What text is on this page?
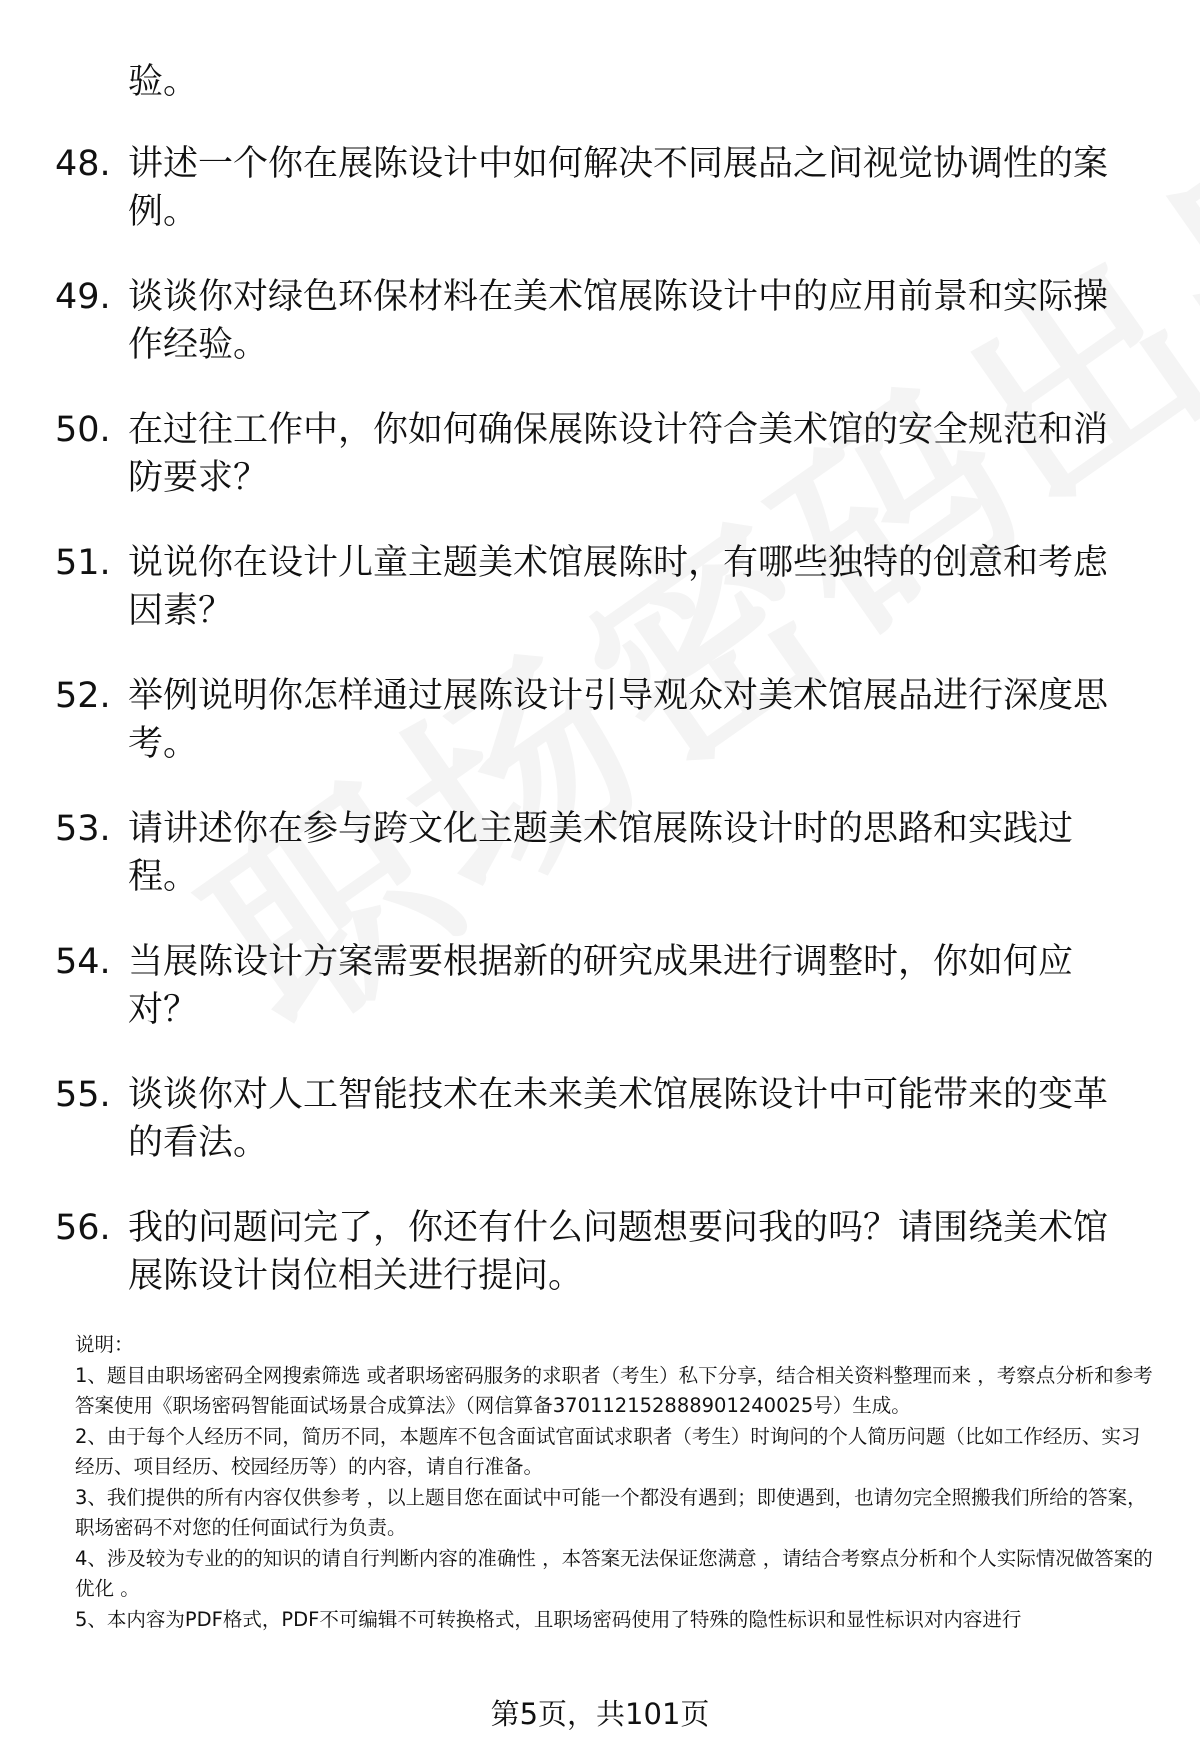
验。
48. 讲述一个你在展陈设计中如何解决不同展品之间视觉协调性的案例。
49. 谈谈你对绿色环保材料在美术馆展陈设计中的应用前景和实际操作经验。
50. 在过往工作中，你如何确保展陈设计符合美术馆的安全规范和消防要求？
51. 说说你在设计儿童主题美术馆展陈时，有哪些独特的创意和考虑因素？
52. 举例说明你怎样通过展陈设计引导观众对美术馆展品进行深度思考。
53. 请讲述你在参与跨文化主题美术馆展陈设计时的思路和实践过程。
54. 当展陈设计方案需要根据新的研究成果进行调整时，你如何应对？
55. 谈谈你对人工智能技术在未来美术馆展陈设计中可能带来的变革的看法。
56. 我的问题问完了，你还有什么问题想要问我的吗？请围绕美术馆展陈设计岗位相关进行提问。

说明：

1、题目由职场密码全网搜索筛选 或者职场密码服务的求职者（考生）私下分享，结合相关资料整理而来 ，考察点分析和参考答案使用《职场密码智能面试场景合成算法》（网信算备370112152888901240025号）生成。

2、由于每个人经历不同，简历不同，本题库不包含面试官面试求职者（考生）时询问的个人简历问题（比如工作经历、实习经历、项目经历、校园经历等）的内容，请自行准备。

3、我们提供的所有内容仅供参考 ，以上题目您在面试中可能一个都没有遇到；即使遇到，也请勿完全照搬我们所给的答案，职场密码不对您的任何面试行为负责。

4、涉及较为专业的的知识的请自行判断内容的准确性 ，本答案无法保证您满意 ，请结合考察点分析和个人实际情况做答案的优化 。

5、本内容为PDF格式，PDF不可编辑不可转换格式，且职场密码使用了特殊的隐性标识和显性标识对内容进行

第5页，共101页
